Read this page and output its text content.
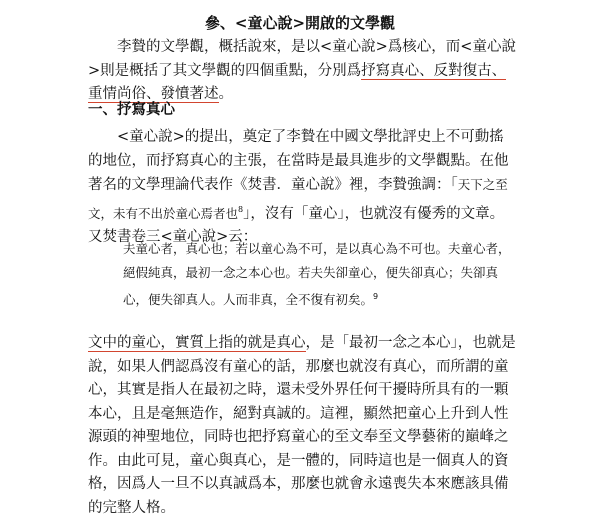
參、<童心說>開啟的文學觀

李贄的文學觀，概括說來，是以<童心說>爲核心，而<童心說>則是概括了其文學觀的四個重點，分別爲抒寫真心、反對復古、重情尚俗、發憤著述。

一、抒寫真心

<童心說>的提出，奠定了李贄在中國文學批評史上不可動搖的地位，而抒寫真心的主張，在當時是最具進步的文學觀點。在他著名的文學理論代表作《焚書．童心說》裡，李贄強調：「天下之至文，未有不出於童心焉者也$^8$」，沒有「童心」，也就沒有優秀的文章。又焚書卷三<童心說>云：

夫童心者，真心也；若以童心為不可，是以真心為不可也。夫童心者，絕假純真，最初一念之本心也。若夫失卻童心，便失卻真心；失卻真心，便失卻真人。人而非真，全不復有初矣。$^9$

文中的童心，實質上指的就是真心，是「最初一念之本心」，也就是說，如果人們認爲沒有童心的話，那麼也就沒有真心，而所謂的童心，其實是指人在最初之時，還未受外界任何干擾時所具有的一顆本心，且是毫無造作，絕對真誠的。這裡，顯然把童心上升到人性源頭的神聖地位，同時也把抒寫童心的至文奉至文學藝術的巔峰之作。由此可見，童心與真心，是一體的，同時這也是一個真人的資格，因爲人一旦不以真誠爲本，那麼也就會永遠喪失本來應該具備的完整人格。
